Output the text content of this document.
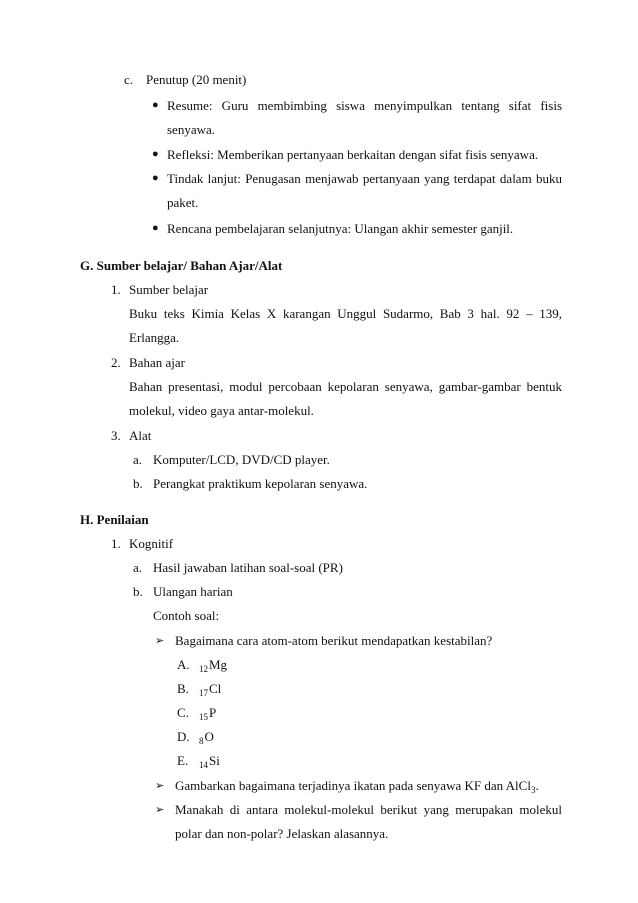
c. Penutup (20 menit)
● Resume: Guru membimbing siswa menyimpulkan tentang sifat fisis
senyawa.
● Refleksi: Memberikan pertanyaan berkaitan dengan sifat fisis senyawa.
● Tindak lanjut: Penugasan menjawab pertanyaan yang terdapat dalam buku
paket.
● Rencana pembelajaran selanjutnya: Ulangan akhir semester ganjil.
G. Sumber belajar/ Bahan Ajar/Alat
1. Sumber belajar
Buku teks Kimia Kelas X karangan Unggul Sudarmo, Bab 3 hal. 92 – 139,
Erlangga.
2. Bahan ajar
Bahan presentasi, modul percobaan kepolaran senyawa, gambar-gambar bentuk
molekul, video gaya antar-molekul.
3. Alat
a. Komputer/LCD, DVD/CD player.
b. Perangkat praktikum kepolaran senyawa.
H. Penilaian
1. Kognitif
a. Hasil jawaban latihan soal-soal (PR)
b. Ulangan harian
Contoh soal:
➢ Bagaimana cara atom-atom berikut mendapatkan kestabilan?
A. $_{12}$Mg
B. $_{17}$Cl
C. $_{15}$P
D. $_8$O
E. $_{14}$Si
➢ Gambarkan bagaimana terjadinya ikatan pada senyawa KF dan AlCl$_3$.
➢ Manakah di antara molekul-molekul berikut yang merupakan molekul
polar dan non-polar? Jelaskan alasannya.
